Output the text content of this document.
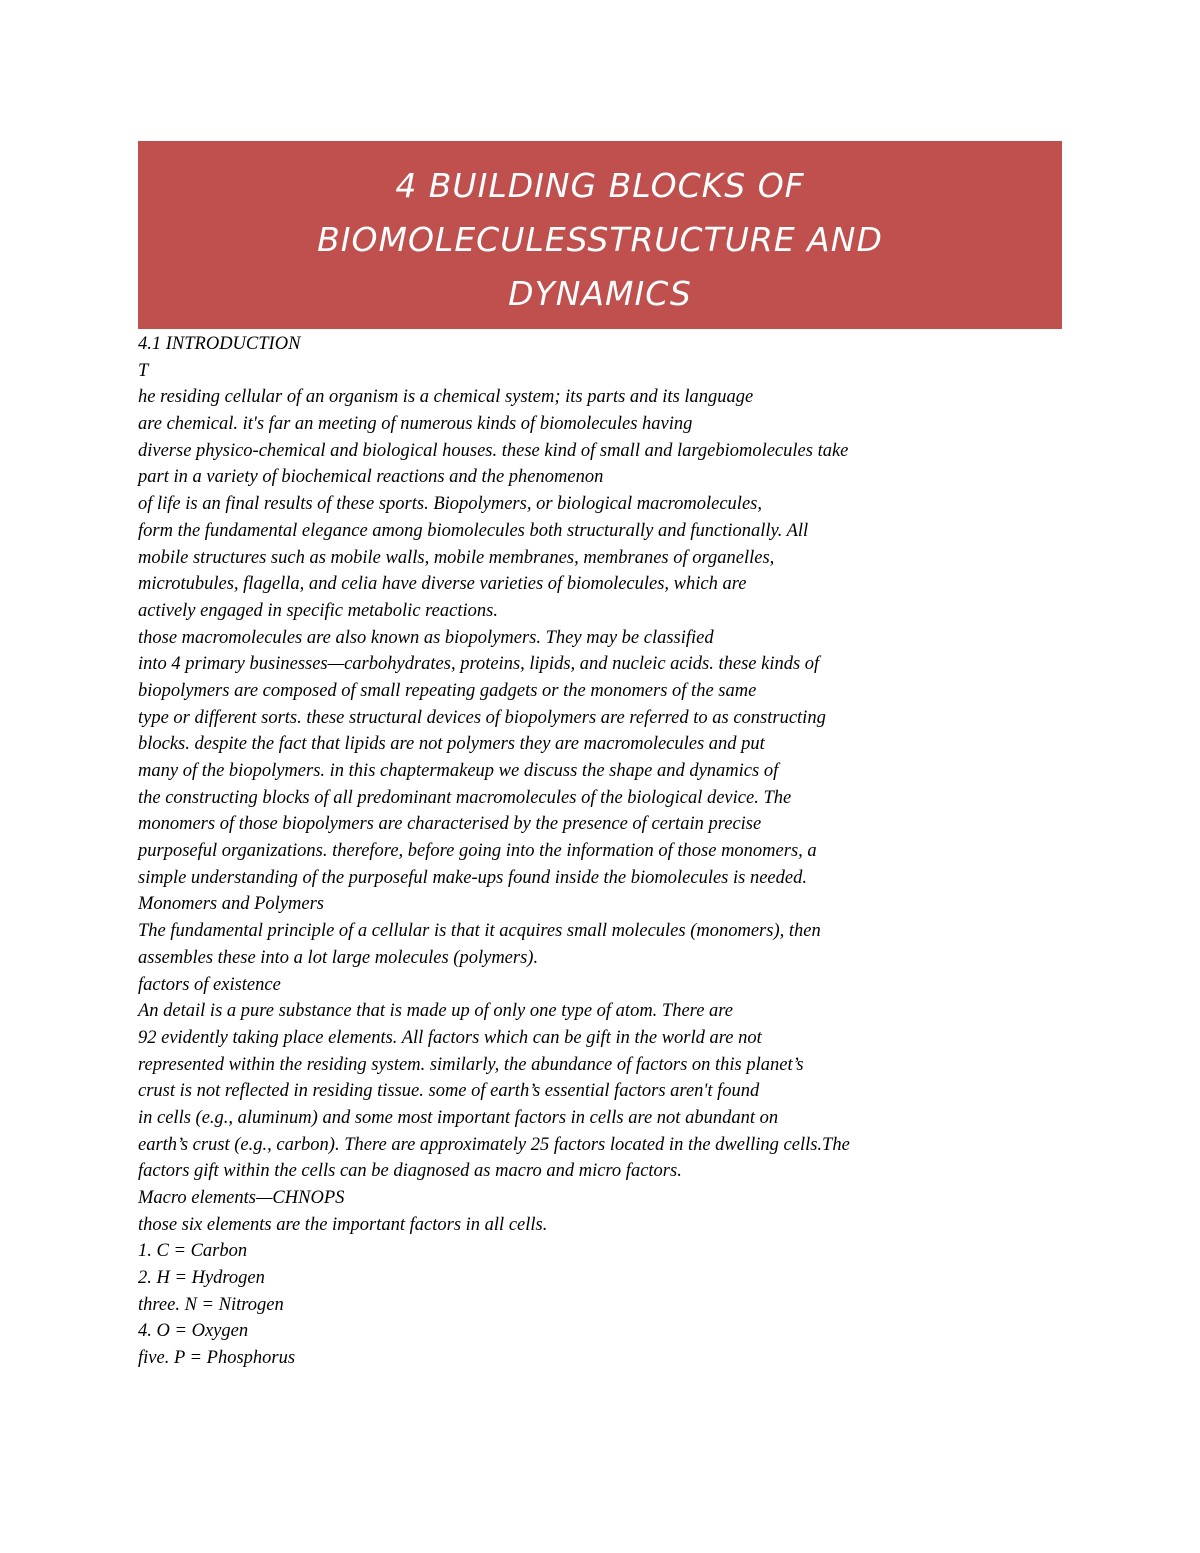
4 BUILDING BLOCKS OF
BIOMOLECULESSTRUCTURE AND
DYNAMICS
4.1 INTRODUCTION
T
he residing cellular of an organism is a chemical system; its parts and its language
are chemical. it's far an meeting of numerous kinds of biomolecules having
diverse physico-chemical and biological houses. these kind of small and largebiomolecules take
part in a variety of biochemical reactions and the phenomenon
of life is an final results of these sports. Biopolymers, or biological macromolecules,
form the fundamental elegance among biomolecules both structurally and functionally. All
mobile structures such as mobile walls, mobile membranes, membranes of organelles,
microtubules, flagella, and celia have diverse varieties of biomolecules, which are
actively engaged in specific metabolic reactions.
those macromolecules are also known as biopolymers. They may be classified
into 4 primary businesses—carbohydrates, proteins, lipids, and nucleic acids. these kinds of
biopolymers are composed of small repeating gadgets or the monomers of the same
type or different sorts. these structural devices of biopolymers are referred to as constructing
blocks. despite the fact that lipids are not polymers they are macromolecules and put
many of the biopolymers. in this chaptermakeup we discuss the shape and dynamics of
the constructing blocks of all predominant macromolecules of the biological device. The
monomers of those biopolymers are characterised by the presence of certain precise
purposeful organizations. therefore, before going into the information of those monomers, a
simple understanding of the purposeful make-ups found inside the biomolecules is needed.
Monomers and Polymers
The fundamental principle of a cellular is that it acquires small molecules (monomers), then
assembles these into a lot large molecules (polymers).
factors of existence
An detail is a pure substance that is made up of only one type of atom. There are
92 evidently taking place elements. All factors which can be gift in the world are not
represented within the residing system. similarly, the abundance of factors on this planet’s
crust is not reflected in residing tissue. some of earth’s essential factors aren't found
in cells (e.g., aluminum) and some most important factors in cells are not abundant on
earth’s crust (e.g., carbon). There are approximately 25 factors located in the dwelling cells.The
factors gift within the cells can be diagnosed as macro and micro factors.
Macro elements—CHNOPS
those six elements are the important factors in all cells.
1. C = Carbon
2. H = Hydrogen
three. N = Nitrogen
4. O = Oxygen
five. P = Phosphorus
